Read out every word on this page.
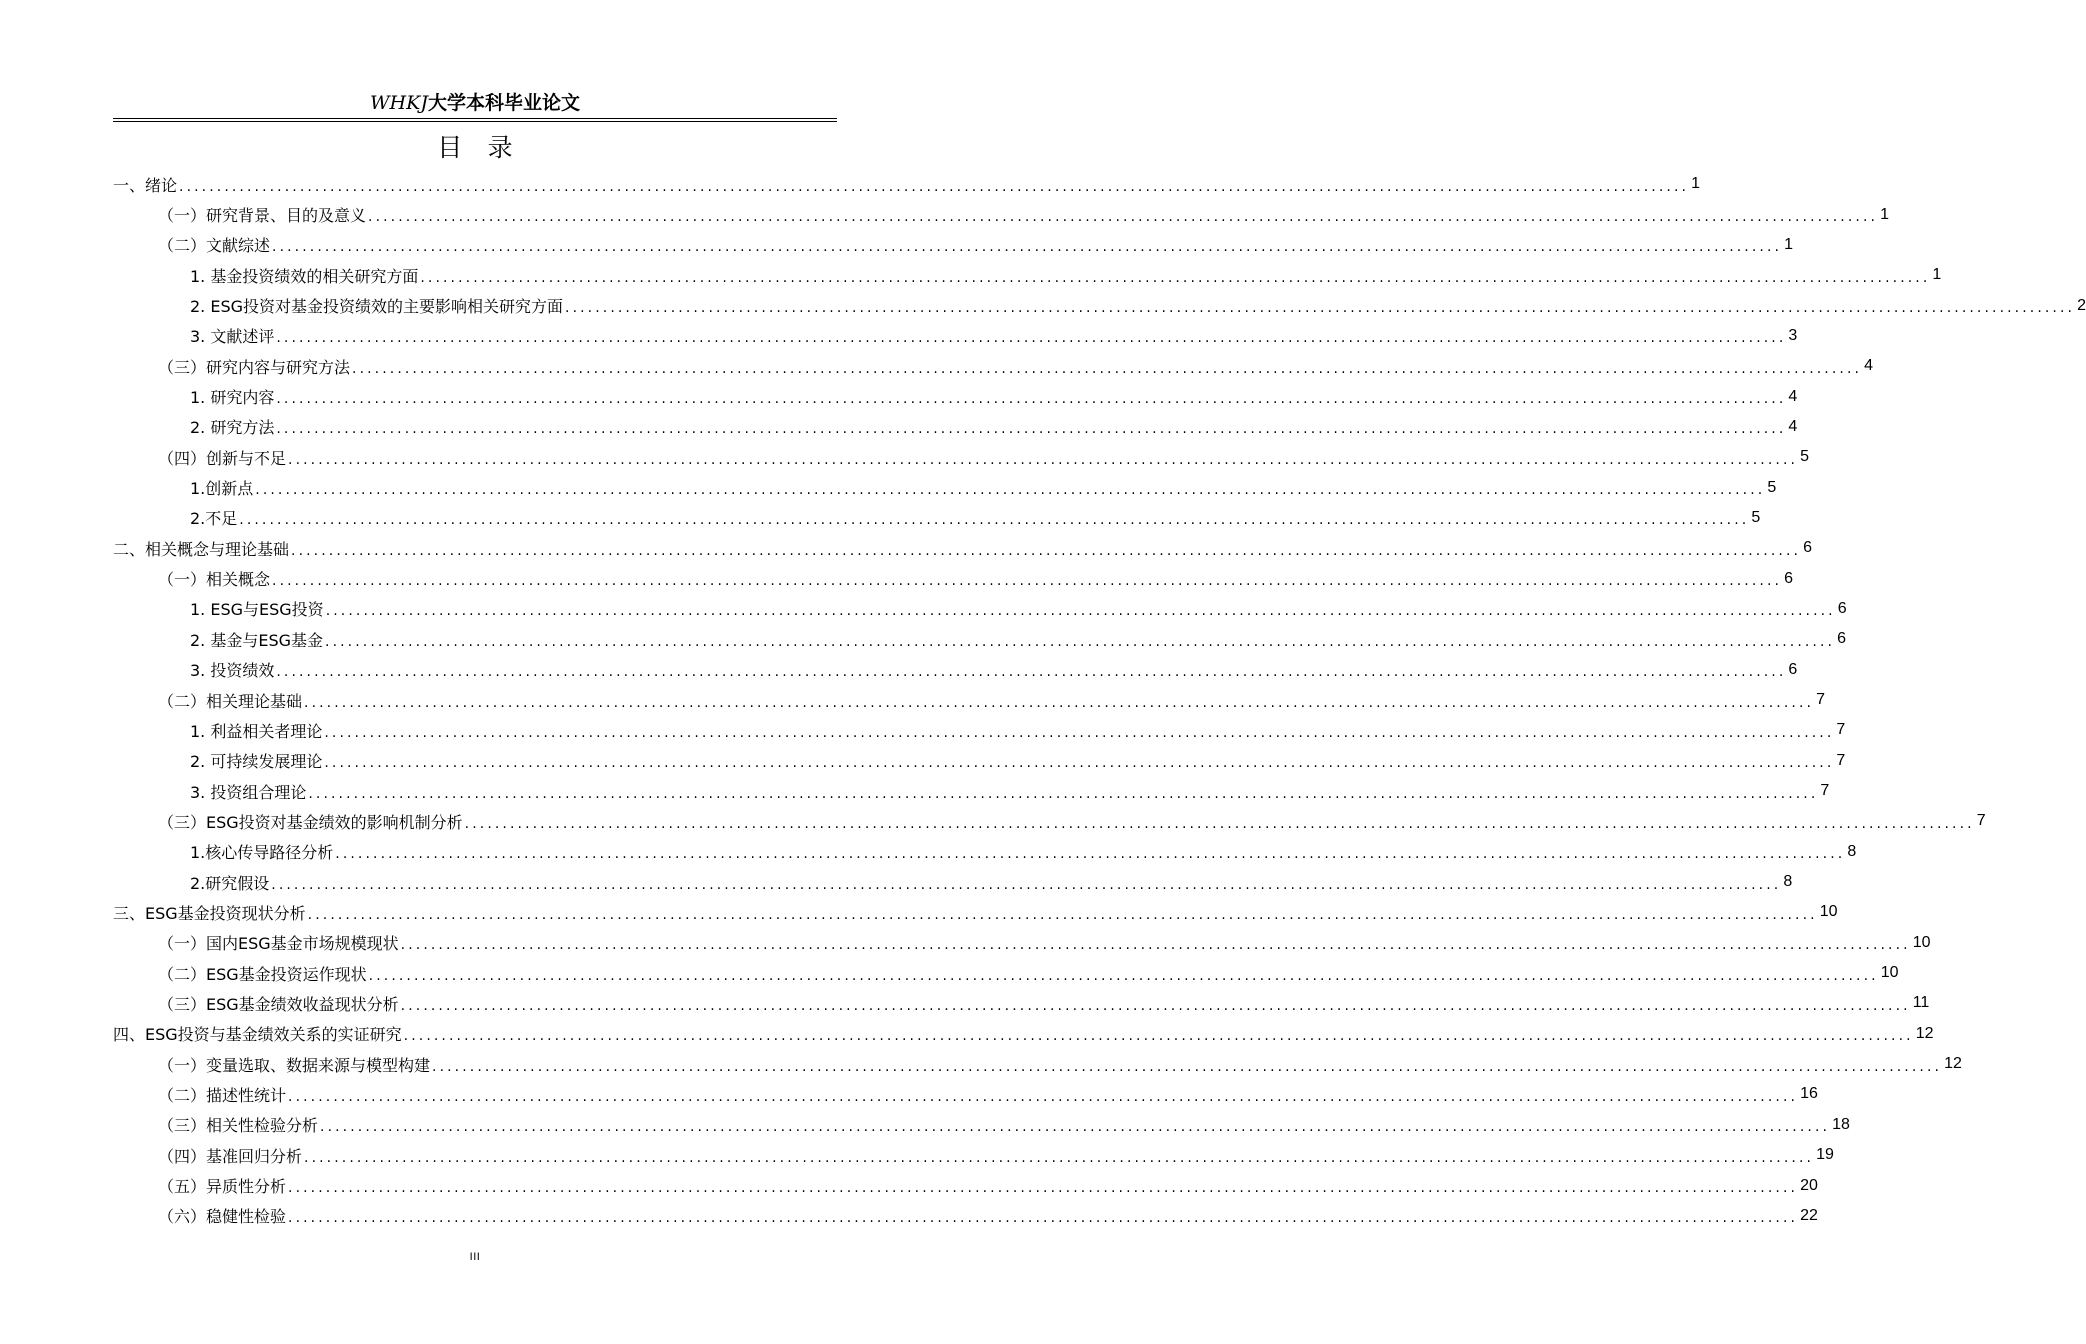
WHKJ大学本科毕业论文
目　录
一、绪论 ........................................................................................................................................................................................................ 1
（一）研究背景、目的及意义 ........................................................................................................................................................................................................ 1
（二）文献综述 ........................................................................................................................................................................................................ 1
1. 基金投资绩效的相关研究方面 ........................................................................................................................................................................................................ 1
2. ESG投资对基金投资绩效的主要影响相关研究方面 ........................................................................................................................................................................................................ 2
3. 文献述评 ........................................................................................................................................................................................................ 3
（三）研究内容与研究方法 ........................................................................................................................................................................................................ 4
1. 研究内容 ........................................................................................................................................................................................................ 4
2. 研究方法 ........................................................................................................................................................................................................ 4
（四）创新与不足 ........................................................................................................................................................................................................ 5
1.创新点 ........................................................................................................................................................................................................ 5
2.不足 ........................................................................................................................................................................................................ 5
二、相关概念与理论基础 ........................................................................................................................................................................................................ 6
（一）相关概念 ........................................................................................................................................................................................................ 6
1. ESG与ESG投资 ........................................................................................................................................................................................................ 6
2. 基金与ESG基金 ........................................................................................................................................................................................................ 6
3. 投资绩效 ........................................................................................................................................................................................................ 6
（二）相关理论基础 ........................................................................................................................................................................................................ 7
1. 利益相关者理论 ........................................................................................................................................................................................................ 7
2. 可持续发展理论 ........................................................................................................................................................................................................ 7
3. 投资组合理论 ........................................................................................................................................................................................................ 7
（三）ESG投资对基金绩效的影响机制分析 ........................................................................................................................................................................................................ 7
1.核心传导路径分析 ........................................................................................................................................................................................................ 8
2.研究假设 ........................................................................................................................................................................................................ 8
三、ESG基金投资现状分析 ........................................................................................................................................................................................................ 10
（一）国内ESG基金市场规模现状 ........................................................................................................................................................................................................ 10
（二）ESG基金投资运作现状 ........................................................................................................................................................................................................ 10
（三）ESG基金绩效收益现状分析 ........................................................................................................................................................................................................ 11
四、ESG投资与基金绩效关系的实证研究 ........................................................................................................................................................................................................ 12
（一）变量选取、数据来源与模型构建 ........................................................................................................................................................................................................ 12
（二）描述性统计 ........................................................................................................................................................................................................ 16
（三）相关性检验分析 ........................................................................................................................................................................................................ 18
（四）基准回归分析 ........................................................................................................................................................................................................ 19
（五）异质性分析 ........................................................................................................................................................................................................ 20
（六）稳健性检验 ........................................................................................................................................................................................................ 22
III
